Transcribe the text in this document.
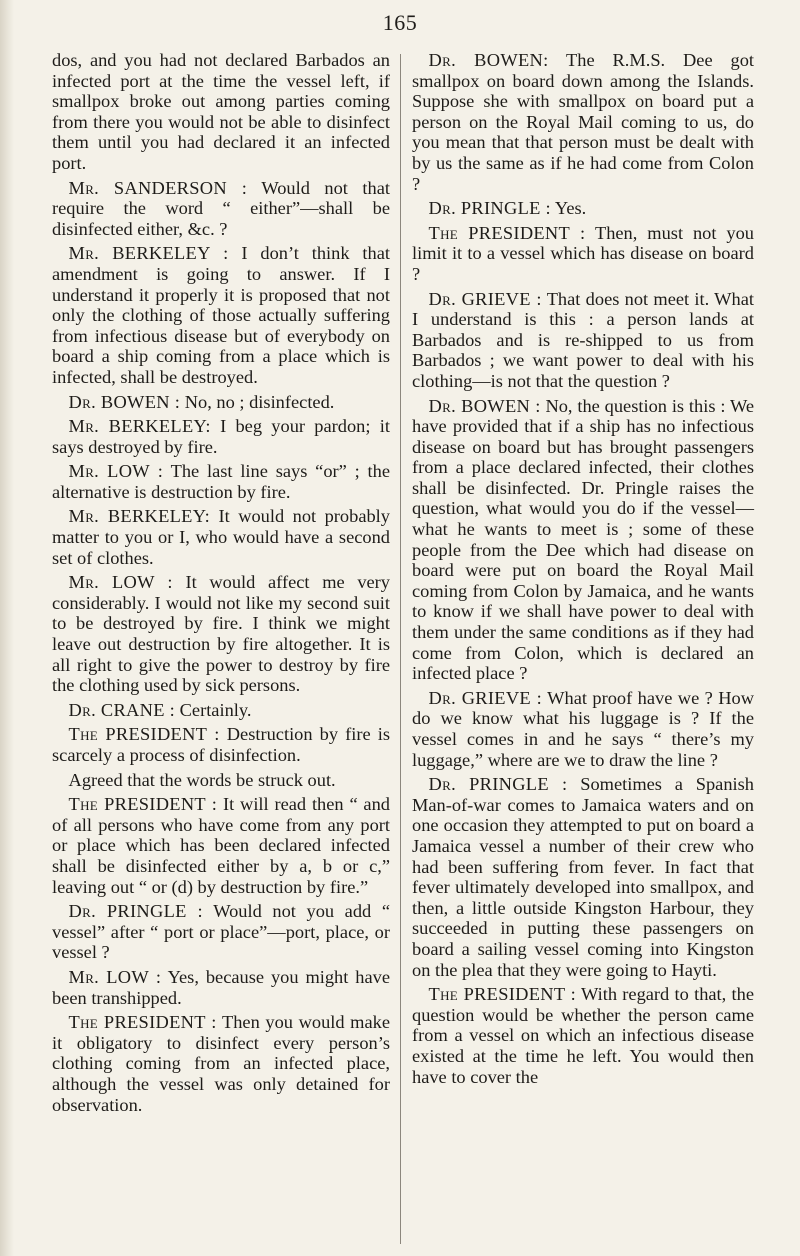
165

dos, and you had not declared Barbados an infected port at the time the vessel left, if smallpox broke out among parties coming from there you would not be able to disinfect them until you had declared it an infected port.

Mr. SANDERSON : Would not that require the word “ either”—shall be disinfected either, &c. ?

Mr. BERKELEY : I don’t think that amendment is going to answer. If I understand it properly it is proposed that not only the clothing of those actually suffering from infectious disease but of everybody on board a ship coming from a place which is infected, shall be destroyed.

Dr. BOWEN : No, no ; disinfected.

Mr. BERKELEY: I beg your pardon; it says destroyed by fire.

Mr. LOW : The last line says “or” ; the alternative is destruction by fire.

Mr. BERKELEY: It would not probably matter to you or I, who would have a second set of clothes.

Mr. LOW : It would affect me very considerably. I would not like my second suit to be destroyed by fire. I think we might leave out destruction by fire altogether. It is all right to give the power to destroy by fire the clothing used by sick persons.

Dr. CRANE : Certainly.

The PRESIDENT : Destruction by fire is scarcely a process of disinfection.

Agreed that the words be struck out.

The PRESIDENT : It will read then “ and of all persons who have come from any port or place which has been declared infected shall be disinfected either by a, b or c,” leaving out “ or (d) by destruction by fire.”

Dr. PRINGLE : Would not you add “ vessel” after “ port or place”—port, place, or vessel ?

Mr. LOW : Yes, because you might have been transhipped.

The PRESIDENT : Then you would make it obligatory to disinfect every person’s clothing coming from an infected place, although the vessel was only detained for observation.

Dr. BOWEN: The R.M.S. Dee got smallpox on board down among the Islands. Suppose she with smallpox on board put a person on the Royal Mail coming to us, do you mean that that person must be dealt with by us the same as if he had come from Colon ?

Dr. PRINGLE : Yes.

The PRESIDENT : Then, must not you limit it to a vessel which has disease on board ?

Dr. GRIEVE : That does not meet it. What I understand is this : a person lands at Barbados and is re-shipped to us from Barbados ; we want power to deal with his clothing—is not that the question ?

Dr. BOWEN : No, the question is this : We have provided that if a ship has no infectious disease on board but has brought passengers from a place declared infected, their clothes shall be disinfected. Dr. Pringle raises the question, what would you do if the vessel—what he wants to meet is ; some of these people from the Dee which had disease on board were put on board the Royal Mail coming from Colon by Jamaica, and he wants to know if we shall have power to deal with them under the same conditions as if they had come from Colon, which is declared an infected place ?

Dr. GRIEVE : What proof have we ? How do we know what his luggage is ? If the vessel comes in and he says “ there’s my luggage,” where are we to draw the line ?

Dr. PRINGLE : Sometimes a Spanish Man-of-war comes to Jamaica waters and on one occasion they attempted to put on board a Jamaica vessel a number of their crew who had been suffering from fever. In fact that fever ultimately developed into smallpox, and then, a little outside Kingston Harbour, they succeeded in putting these passengers on board a sailing vessel coming into Kingston on the plea that they were going to Hayti.

The PRESIDENT : With regard to that, the question would be whether the person came from a vessel on which an infectious disease existed at the time he left. You would then have to cover the
